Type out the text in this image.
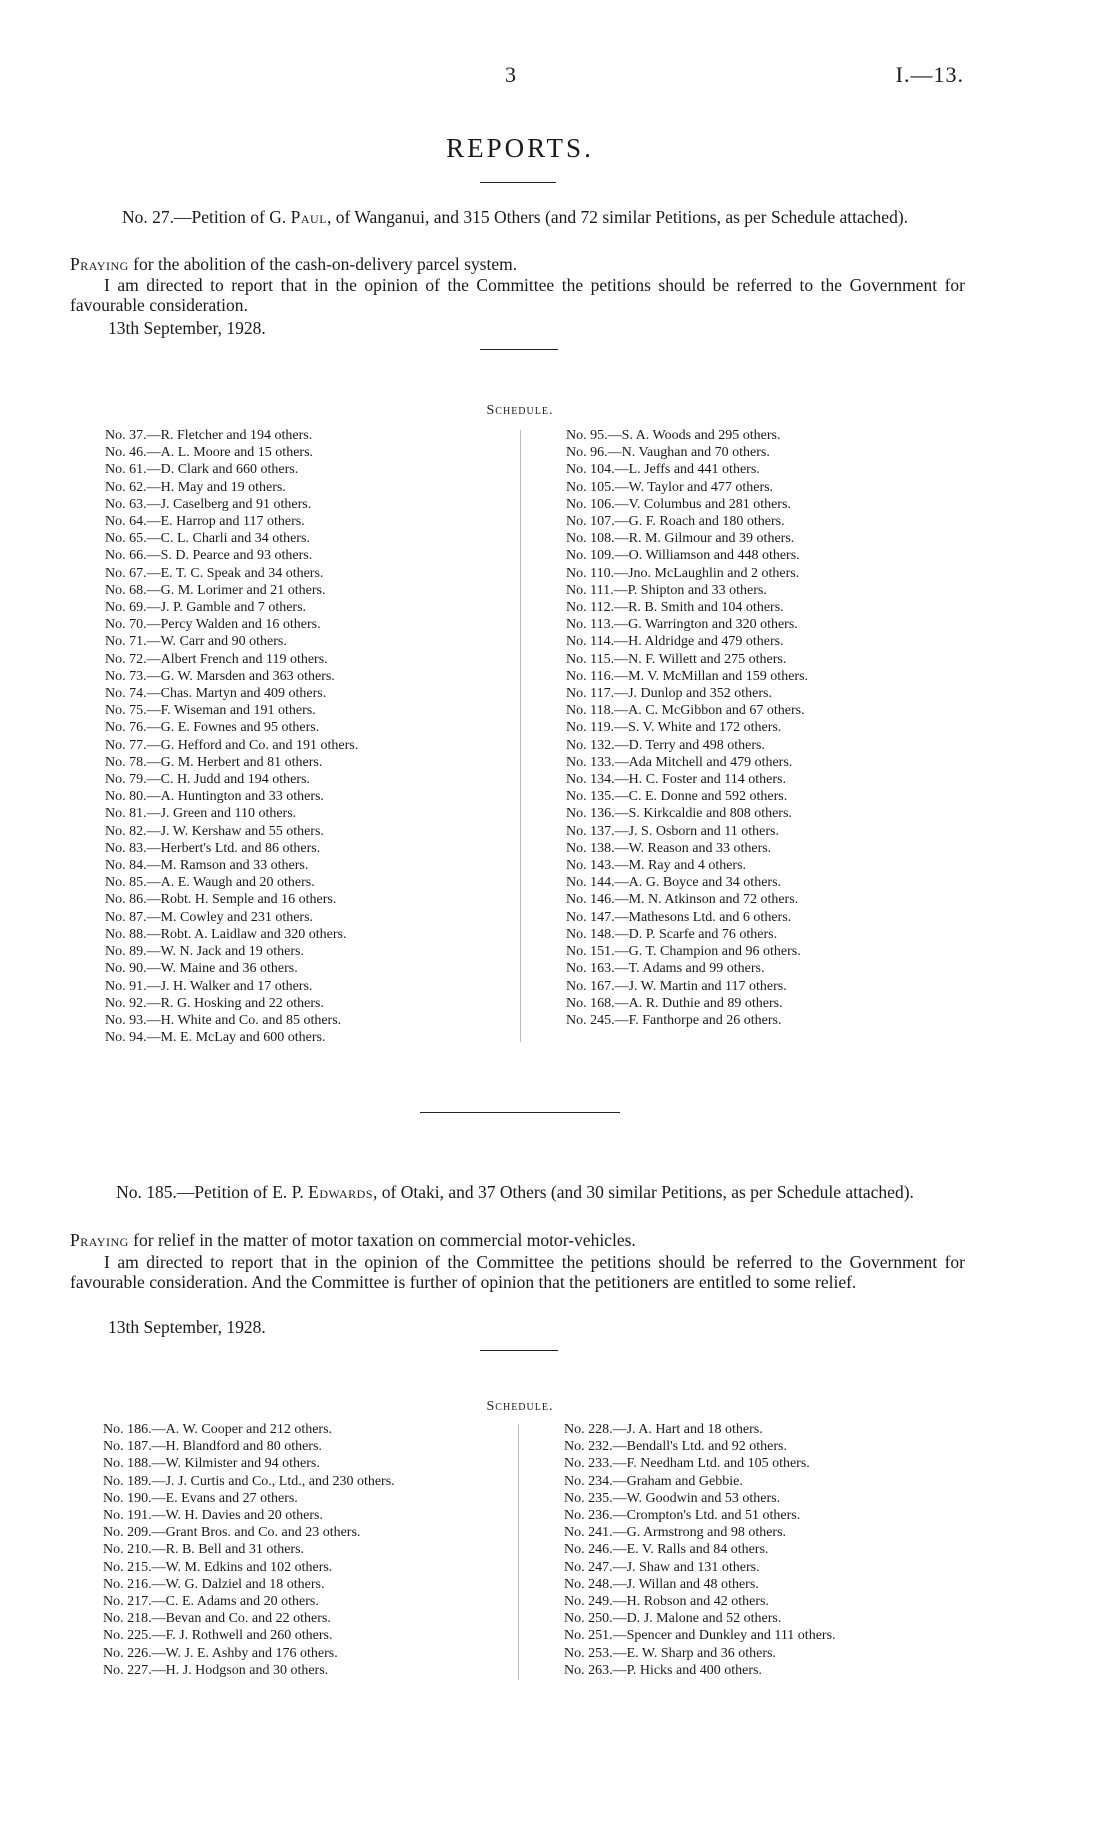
3	I.—13.
REPORTS.
No. 27.—Petition of G. Paul, of Wanganui, and 315 Others (and 72 similar Petitions, as per Schedule attached).
Praying for the abolition of the cash-on-delivery parcel system.
I am directed to report that in the opinion of the Committee the petitions should be referred to the Government for favourable consideration.
13th September, 1928.
Schedule.
No. 37.—R. Fletcher and 194 others.
No. 46.—A. L. Moore and 15 others.
No. 61.—D. Clark and 660 others.
No. 62.—H. May and 19 others.
No. 63.—J. Caselberg and 91 others.
No. 64.—E. Harrop and 117 others.
No. 65.—C. L. Charli and 34 others.
No. 66.—S. D. Pearce and 93 others.
No. 67.—E. T. C. Speak and 34 others.
No. 68.—G. M. Lorimer and 21 others.
No. 69.—J. P. Gamble and 7 others.
No. 70.—Percy Walden and 16 others.
No. 71.—W. Carr and 90 others.
No. 72.—Albert French and 119 others.
No. 73.—G. W. Marsden and 363 others.
No. 74.—Chas. Martyn and 409 others.
No. 75.—F. Wiseman and 191 others.
No. 76.—G. E. Fownes and 95 others.
No. 77.—G. Hefford and Co. and 191 others.
No. 78.—G. M. Herbert and 81 others.
No. 79.—C. H. Judd and 194 others.
No. 80.—A. Huntington and 33 others.
No. 81.—J. Green and 110 others.
No. 82.—J. W. Kershaw and 55 others.
No. 83.—Herbert's Ltd. and 86 others.
No. 84.—M. Ramson and 33 others.
No. 85.—A. E. Waugh and 20 others.
No. 86.—Robt. H. Semple and 16 others.
No. 87.—M. Cowley and 231 others.
No. 88.—Robt. A. Laidlaw and 320 others.
No. 89.—W. N. Jack and 19 others.
No. 90.—W. Maine and 36 others.
No. 91.—J. H. Walker and 17 others.
No. 92.—R. G. Hosking and 22 others.
No. 93.—H. White and Co. and 85 others.
No. 94.—M. E. McLay and 600 others.
No. 95.—S. A. Woods and 295 others.
No. 96.—N. Vaughan and 70 others.
No. 104.—L. Jeffs and 441 others.
No. 105.—W. Taylor and 477 others.
No. 106.—V. Columbus and 281 others.
No. 107.—G. F. Roach and 180 others.
No. 108.—R. M. Gilmour and 39 others.
No. 109.—O. Williamson and 448 others.
No. 110.—Jno. McLaughlin and 2 others.
No. 111.—P. Shipton and 33 others.
No. 112.—R. B. Smith and 104 others.
No. 113.—G. Warrington and 320 others.
No. 114.—H. Aldridge and 479 others.
No. 115.—N. F. Willett and 275 others.
No. 116.—M. V. McMillan and 159 others.
No. 117.—J. Dunlop and 352 others.
No. 118.—A. C. McGibbon and 67 others.
No. 119.—S. V. White and 172 others.
No. 132.—D. Terry and 498 others.
No. 133.—Ada Mitchell and 479 others.
No. 134.—H. C. Foster and 114 others.
No. 135.—C. E. Donne and 592 others.
No. 136.—S. Kirkcaldie and 808 others.
No. 137.—J. S. Osborn and 11 others.
No. 138.—W. Reason and 33 others.
No. 143.—M. Ray and 4 others.
No. 144.—A. G. Boyce and 34 others.
No. 146.—M. N. Atkinson and 72 others.
No. 147.—Mathesons Ltd. and 6 others.
No. 148.—D. P. Scarfe and 76 others.
No. 151.—G. T. Champion and 96 others.
No. 163.—T. Adams and 99 others.
No. 167.—J. W. Martin and 117 others.
No. 168.—A. R. Duthie and 89 others.
No. 245.—F. Fanthorpe and 26 others.
No. 185.—Petition of E. P. Edwards, of Otaki, and 37 Others (and 30 similar Petitions, as per Schedule attached).
Praying for relief in the matter of motor taxation on commercial motor-vehicles.
I am directed to report that in the opinion of the Committee the petitions should be referred to the Government for favourable consideration. And the Committee is further of opinion that the petitioners are entitled to some relief.
13th September, 1928.
Schedule.
No. 186.—A. W. Cooper and 212 others.
No. 187.—H. Blandford and 80 others.
No. 188.—W. Kilmister and 94 others.
No. 189.—J. J. Curtis and Co., Ltd., and 230 others.
No. 190.—E. Evans and 27 others.
No. 191.—W. H. Davies and 20 others.
No. 209.—Grant Bros. and Co. and 23 others.
No. 210.—R. B. Bell and 31 others.
No. 215.—W. M. Edkins and 102 others.
No. 216.—W. G. Dalziel and 18 others.
No. 217.—C. E. Adams and 20 others.
No. 218.—Bevan and Co. and 22 others.
No. 225.—F. J. Rothwell and 260 others.
No. 226.—W. J. E. Ashby and 176 others.
No. 227.—H. J. Hodgson and 30 others.
No. 228.—J. A. Hart and 18 others.
No. 232.—Bendall's Ltd. and 92 others.
No. 233.—F. Needham Ltd. and 105 others.
No. 234.—Graham and Gebbie.
No. 235.—W. Goodwin and 53 others.
No. 236.—Crompton's Ltd. and 51 others.
No. 241.—G. Armstrong and 98 others.
No. 246.—E. V. Ralls and 84 others.
No. 247.—J. Shaw and 131 others.
No. 248.—J. Willan and 48 others.
No. 249.—H. Robson and 42 others.
No. 250.—D. J. Malone and 52 others.
No. 251.—Spencer and Dunkley and 111 others.
No. 253.—E. W. Sharp and 36 others.
No. 263.—P. Hicks and 400 others.
